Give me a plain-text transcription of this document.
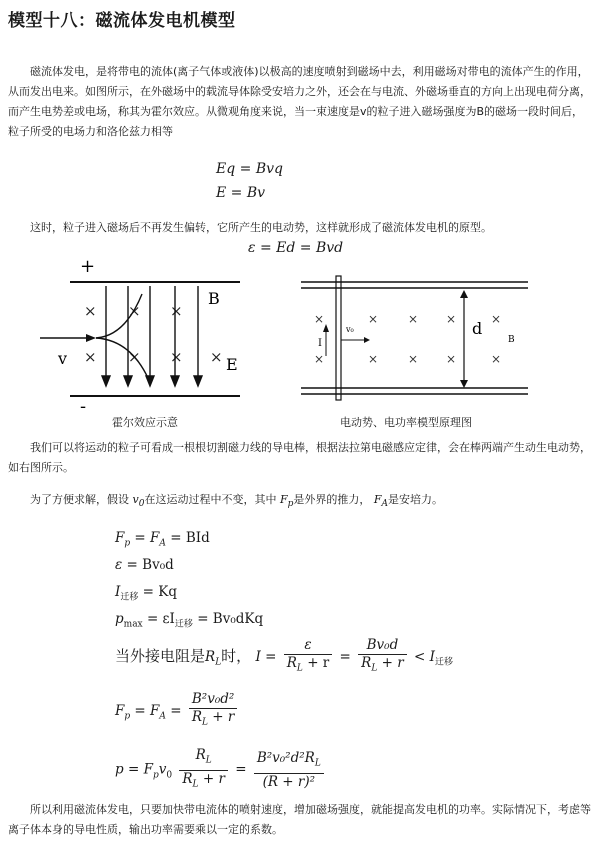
模型十八：磁流体发电机模型
磁流体发电，是将带电的流体(离子气体或液体)以极高的速度喷射到磁场中去，利用磁场对带电的流体产生的作用，从而发出电来。如图所示，在外磁场中的载流导体除受安培力之外，还会在与电流、外磁场垂直的方向上出现电荷分离，而产生电势差或电场，称其为霍尔效应。从微观角度来说，当一束速度是v的粒子进入磁场强度为B的磁场一段时间后，粒子所受的电场力和洛伦兹力相等
Eq = Bvq
E = Bv
这时，粒子进入磁场后不再发生偏转，它所产生的电动势，这样就形成了磁流体发电机的原型。
ε = Ed = Bvd
+
× × ×
× × × ×
B
v	E
-
霍尔效应示意
×	× × ×	×
×	× × ×	×
I
v₀	d
B
电动势、电功率模型原理图
我们可以将运动的粒子可看成一根根切割磁力线的导电棒，根据法拉第电磁感应定律，会在棒两端产生动生电动势，如右图所示。
为了方便求解，假设 $v_0$在这运动过程中不变，其中 $F_p$是外界的推力， $F_A$是安培力。
$F_p = F_A$ = BId
ε = Bv₀d
$I_{迁移} = Kq$
$p_{max} = \varepsilon I_{迁移} = Bv_0dKq$
当外接电阻是$R_L$时， $I = \frac{\varepsilon}{R_L + r} = \frac{\text{Bv₀d}}{R_L + r} < I_{迁移}$
$F_p = F_A = \frac{\text{B²v₀d²}}{R_L + r}$
$p = F_pv_0 \frac{R_L}{R_L + r} = \frac{B^2v_0^2d^2R_L}{\text{(R + r)²}}$
所以利用磁流体发电，只要加快带电流体的喷射速度，增加磁场强度，就能提高发电机的功率。实际情况下，考虑等离子体本身的导电性质，输出功率需要乘以一定的系数。
